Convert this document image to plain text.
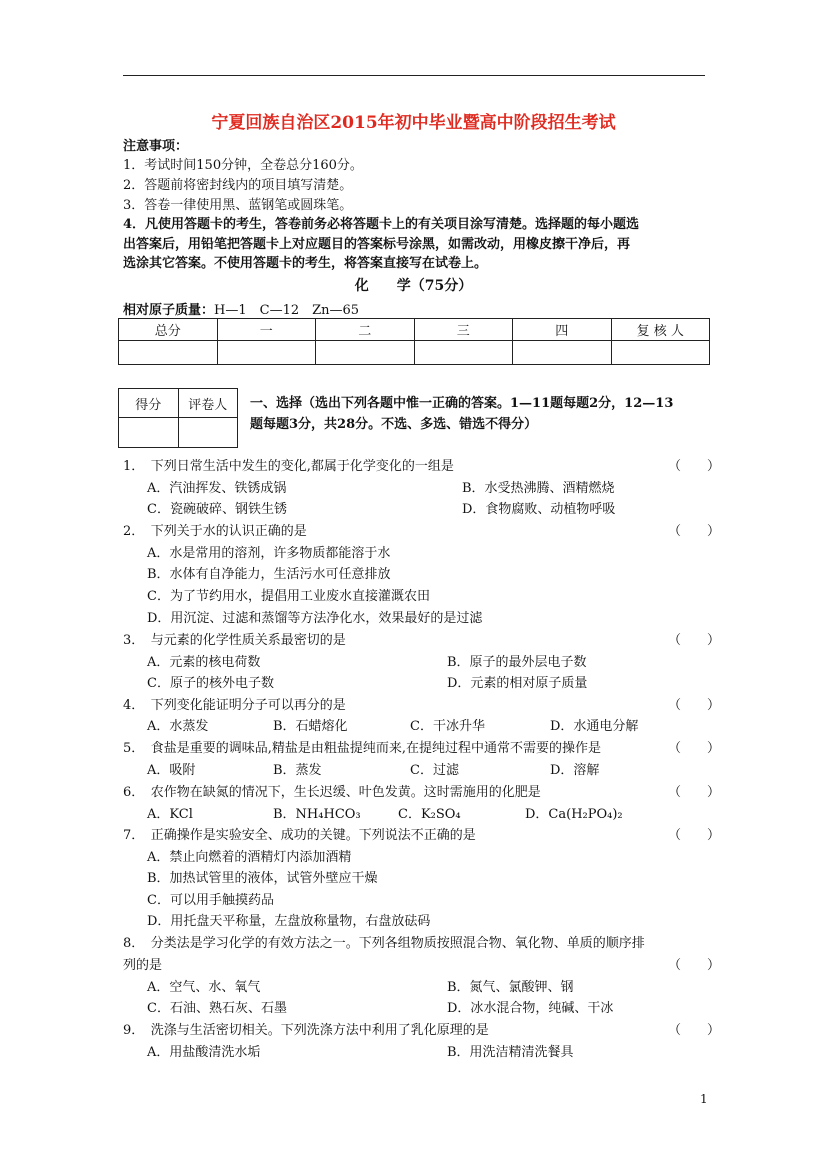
宁夏回族自治区2015年初中毕业暨高中阶段招生考试
注意事项：
1．考试时间150分钟，全卷总分160分。
2．答题前将密封线内的项目填写清楚。
3．答卷一律使用黑、蓝钢笔或圆珠笔。
4．凡使用答题卡的考生，答卷前务必将答题卡上的有关项目涂写清楚。选择题的每小题选
出答案后，用铅笔把答题卡上对应题目的答案标号涂黑，如需改动，用橡皮擦干净后，再
选涂其它答案。不使用答题卡的考生，将答案直接写在试卷上。
化　　学（75分）
相对原子质量：H—1　C—12　Zn—65
总分	一	二	三	四	复 核 人

得分	评卷人
	一、选择（选出下列各题中惟一正确的答案。1—11题每题2分，12—13
题每题3分，共28分。不选、多选、错选不得分）
1．　下列日常生活中发生的变化,都属于化学变化的一组是	（　　）
A．汽油挥发、铁锈成锅	B．水受热沸腾、酒精燃烧
C．瓷碗破碎、钢铁生锈	D．食物腐败、动植物呼吸
2．　下列关于水的认识正确的是	（　　）
A．水是常用的溶剂，许多物质都能溶于水
B．水体有自净能力，生活污水可任意排放
C．为了节约用水，提倡用工业废水直接灌溉农田
D．用沉淀、过滤和蒸馏等方法净化水，效果最好的是过滤
3．　与元素的化学性质关系最密切的是	（　　）
A．元素的核电荷数	B．原子的最外层电子数
C．原子的核外电子数	D．元素的相对原子质量
4．　下列变化能证明分子可以再分的是	（　　）
A．水蒸发	B．石蜡熔化	C．干冰升华	D．水通电分解
5．　食盐是重要的调味品,精盐是由粗盐提纯而来,在提纯过程中通常不需要的操作是	（　　）
A．吸附	B．蒸发	C．过滤	D．溶解
6．　农作物在缺氮的情况下，生长迟缓、叶色发黄。这时需施用的化肥是	（　　）
A．KCl	B．NH₄HCO₃	C．K₂SO₄	D．Ca(H₂PO₄)₂
7．　正确操作是实验安全、成功的关键。下列说法不正确的是	（　　）
A．禁止向燃着的酒精灯内添加酒精
B．加热试管里的液体，试管外壁应干燥
C．可以用手触摸药品
D．用托盘天平称量，左盘放称量物，右盘放砝码
8．　分类法是学习化学的有效方法之一。下列各组物质按照混合物、氧化物、单质的顺序排
列的是	（　　）
A．空气、水、氧气	B．氮气、氯酸钾、钢
C．石油、熟石灰、石墨	D．冰水混合物，纯碱、干冰
9．　洗涤与生活密切相关。下列洗涤方法中利用了乳化原理的是	（　　）
A．用盐酸清洗水垢	B．用洗洁精清洗餐具
1
